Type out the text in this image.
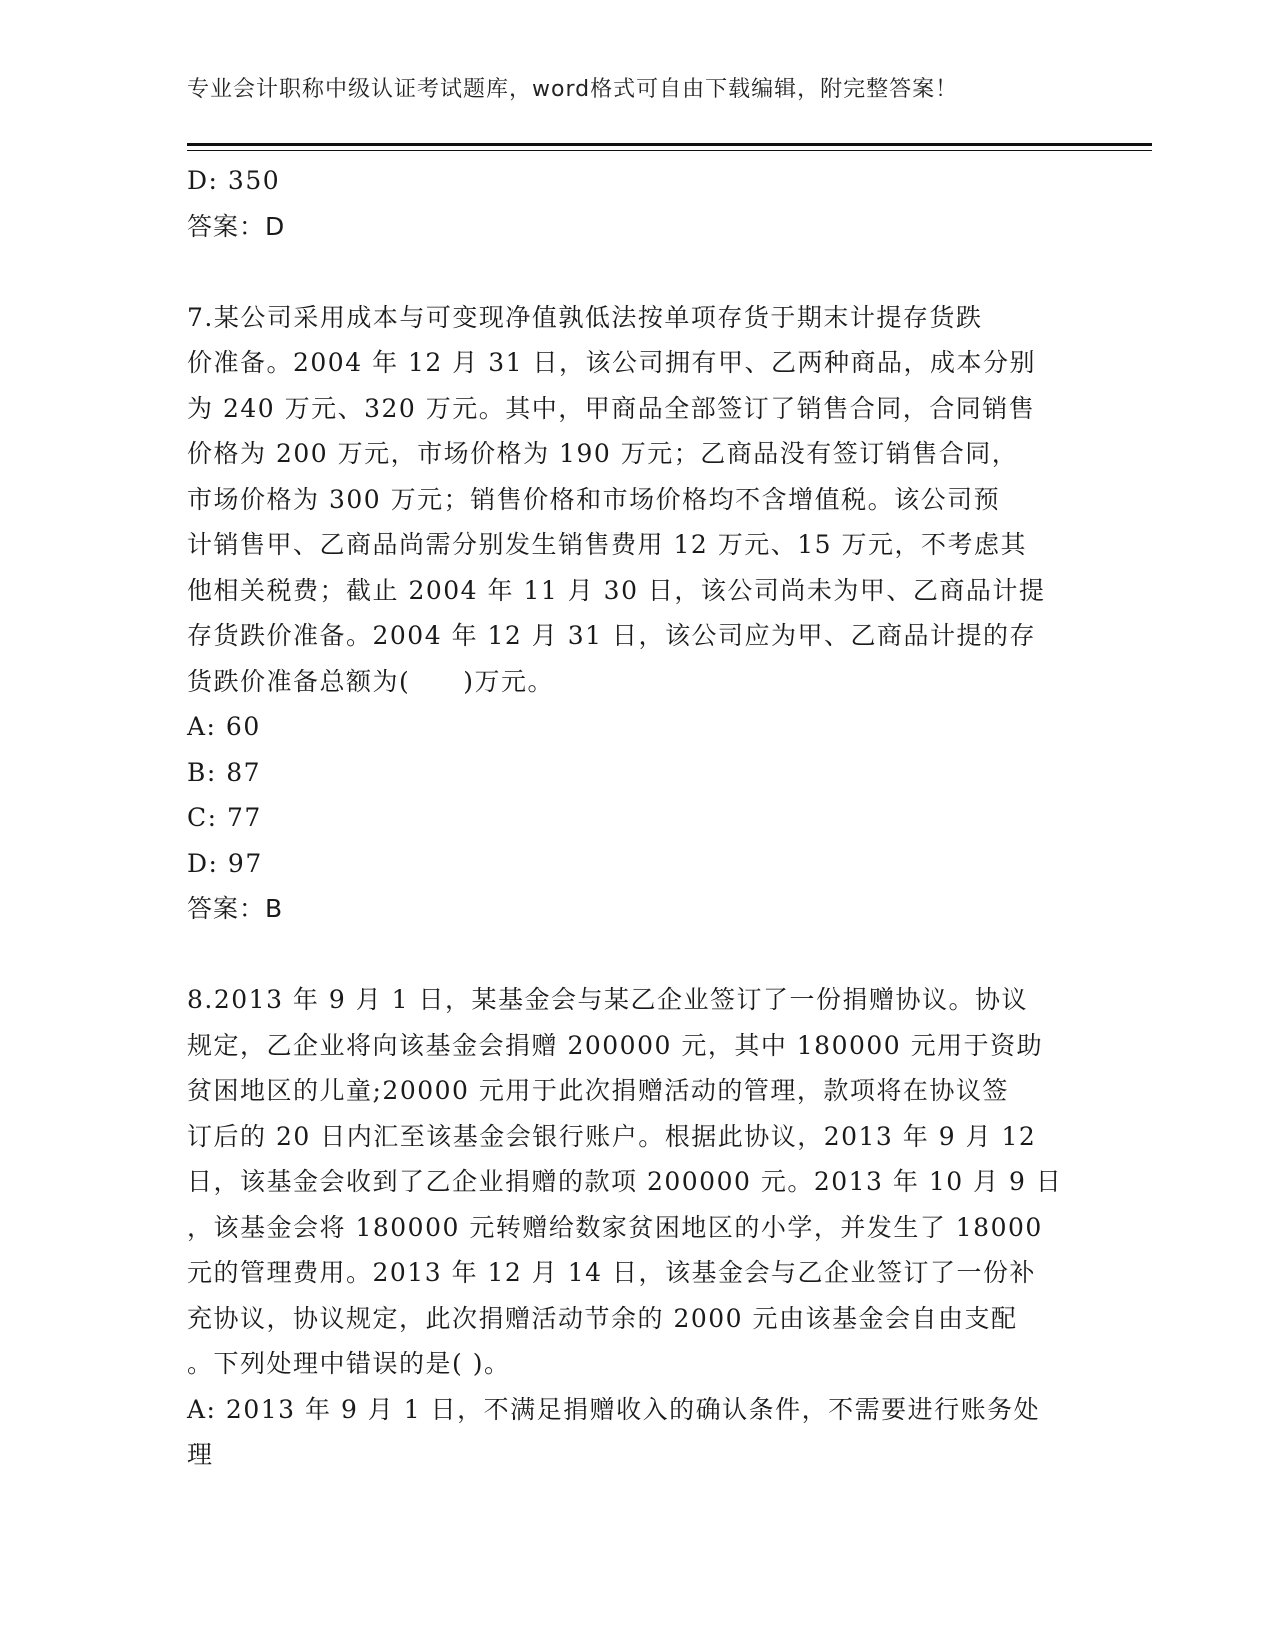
专业会计职称中级认证考试题库，word格式可自由下载编辑，附完整答案！
D: 350
答案：D
7.某公司采用成本与可变现净值孰低法按单项存货于期末计提存货跌
价准备。2004 年 12 月 31 日，该公司拥有甲、乙两种商品，成本分别
为 240 万元、320 万元。其中，甲商品全部签订了销售合同，合同销售
价格为 200 万元，市场价格为 190 万元；乙商品没有签订销售合同，
市场价格为 300 万元；销售价格和市场价格均不含增值税。该公司预
计销售甲、乙商品尚需分别发生销售费用 12 万元、15 万元，不考虑其
他相关税费；截止 2004 年 11 月 30 日，该公司尚未为甲、乙商品计提
存货跌价准备。2004 年 12 月 31 日，该公司应为甲、乙商品计提的存
货跌价准备总额为(　　)万元。
A: 60
B: 87
C: 77
D: 97
答案：B
8.2013 年 9 月 1 日，某基金会与某乙企业签订了一份捐赠协议。协议
规定，乙企业将向该基金会捐赠 200000 元，其中 180000 元用于资助
贫困地区的儿童;20000 元用于此次捐赠活动的管理，款项将在协议签
订后的 20 日内汇至该基金会银行账户。根据此协议，2013 年 9 月 12
日，该基金会收到了乙企业捐赠的款项 200000 元。2013 年 10 月 9 日
，该基金会将 180000 元转赠给数家贫困地区的小学，并发生了 18000
元的管理费用。2013 年 12 月 14 日，该基金会与乙企业签订了一份补
充协议，协议规定，此次捐赠活动节余的 2000 元由该基金会自由支配
。下列处理中错误的是( )。
A: 2013 年 9 月 1 日，不满足捐赠收入的确认条件，不需要进行账务处
理
